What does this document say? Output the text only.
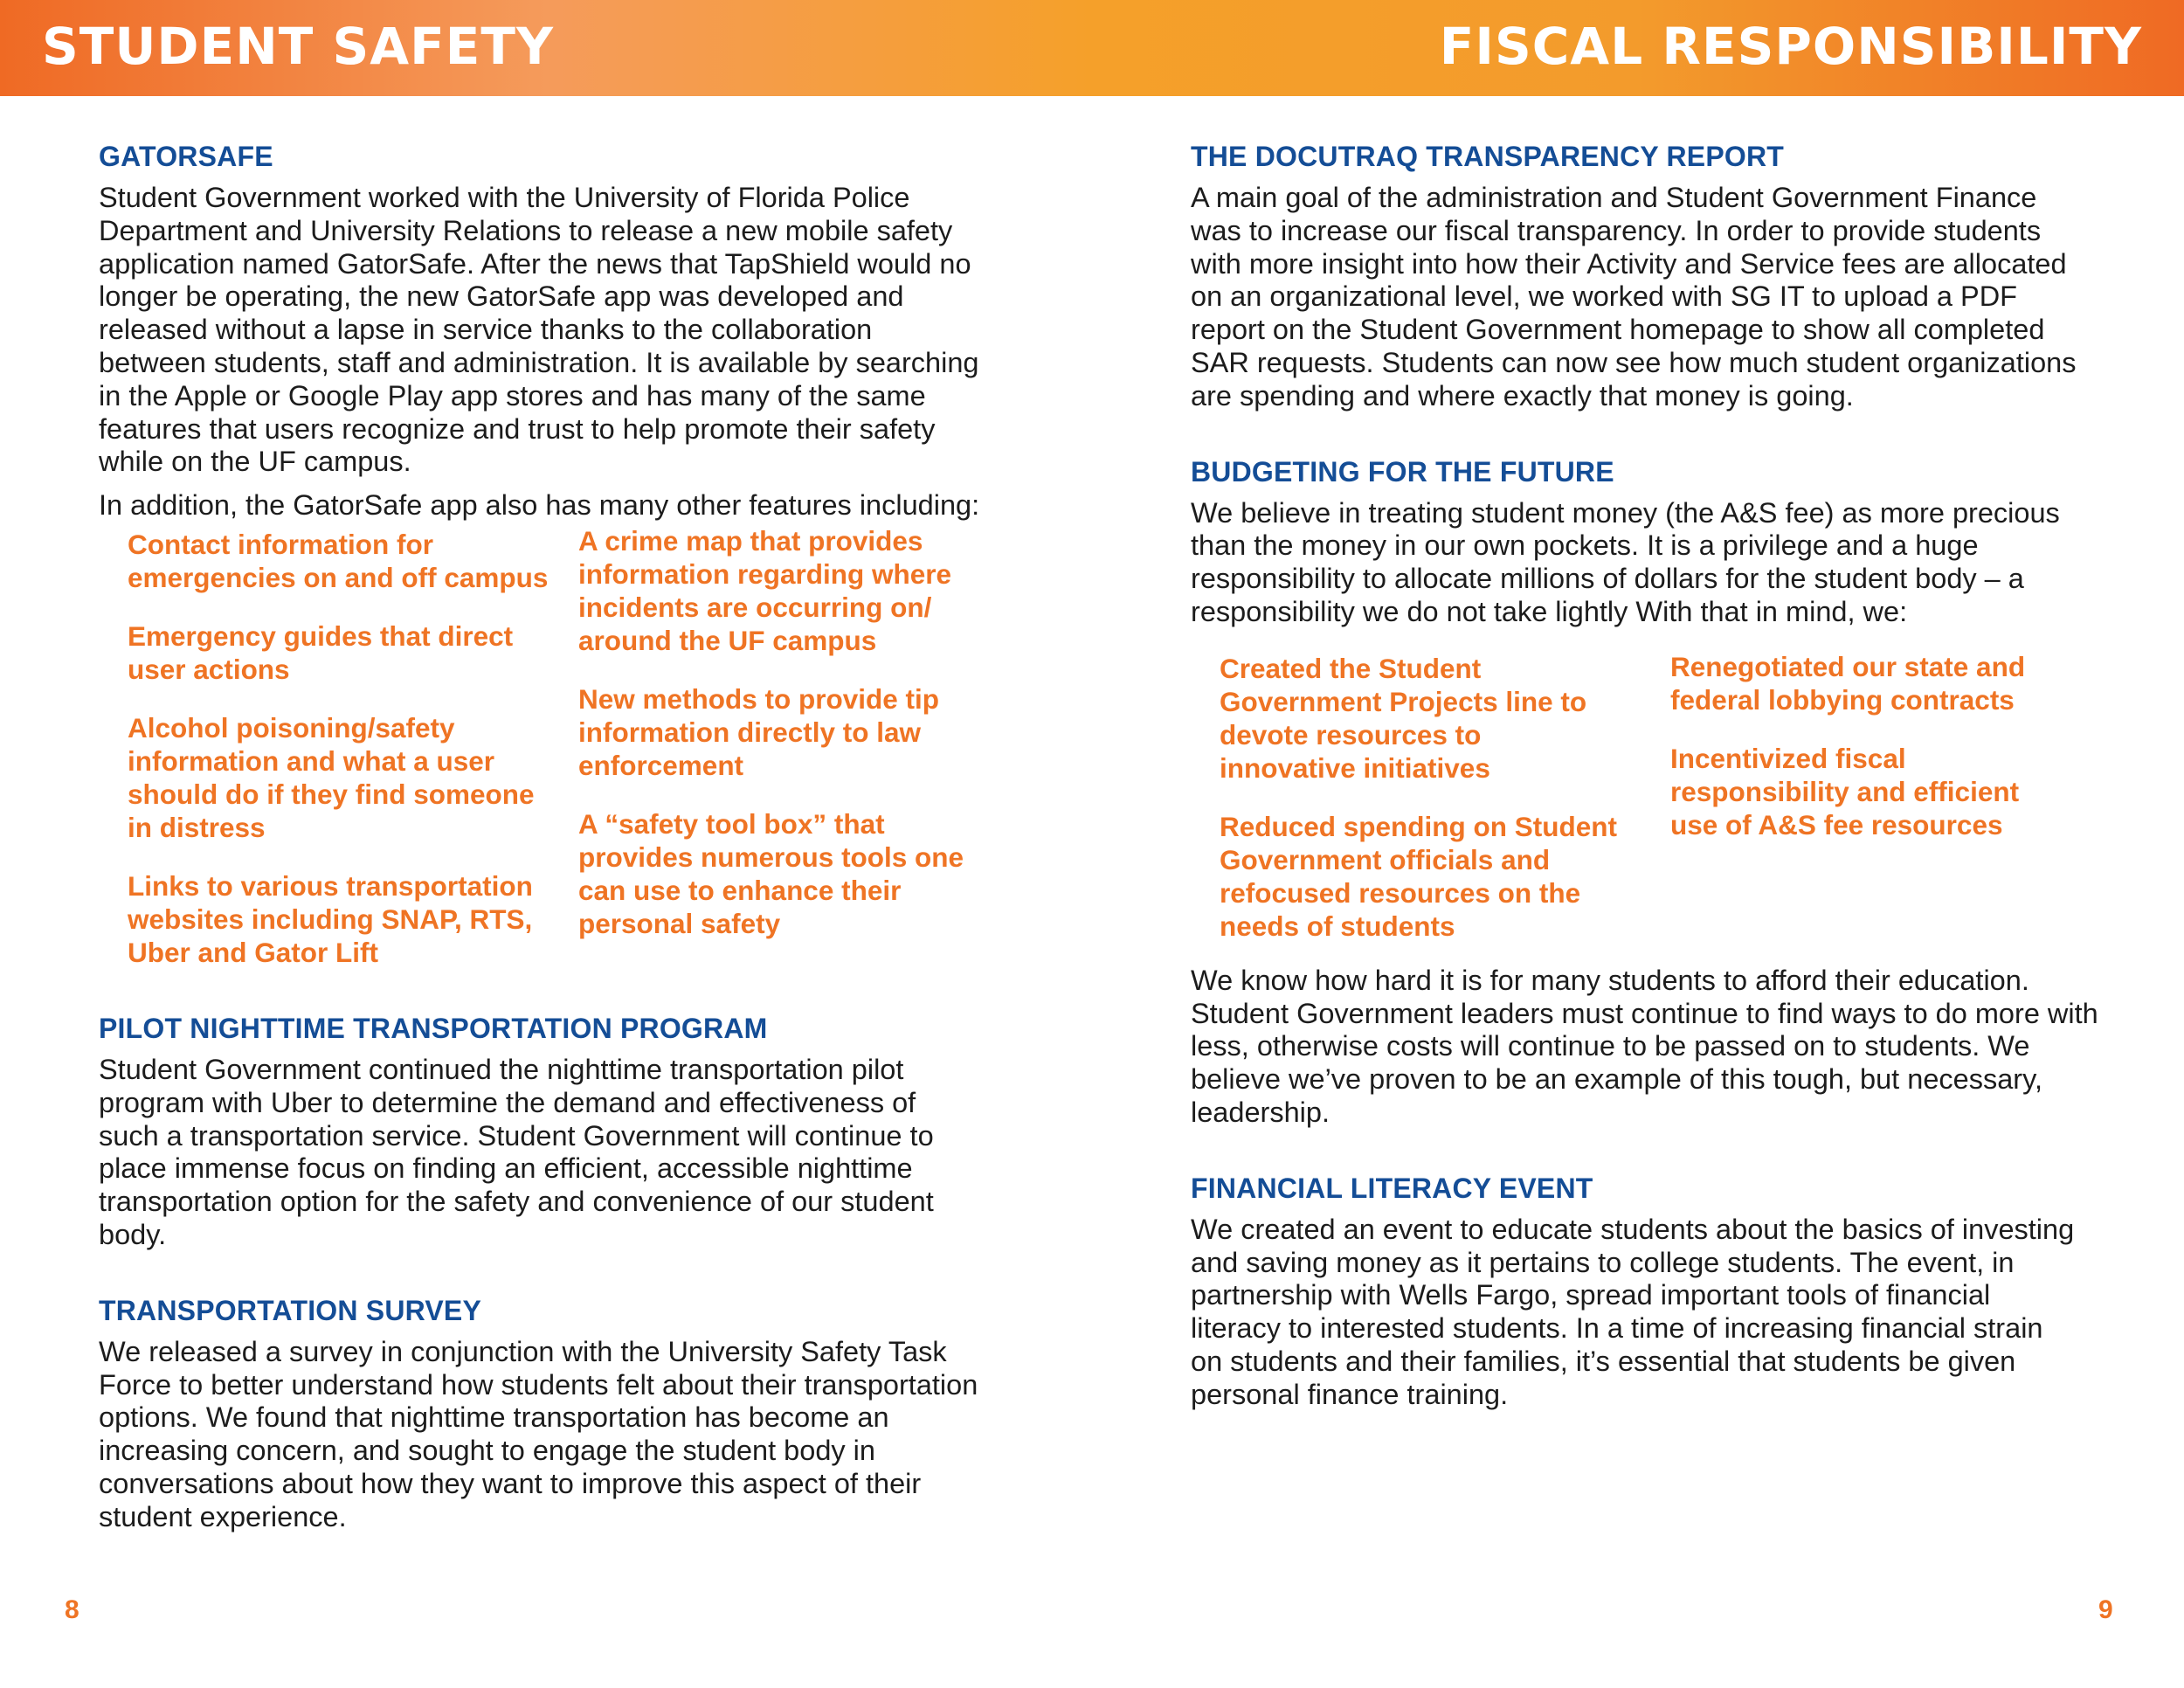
STUDENT SAFETY	FISCAL RESPONSIBILITY
GATORSAFE

Student Government worked with the University of Florida Police Department and University Relations to release a new mobile safety application named GatorSafe. After the news that TapShield would no longer be operating, the new GatorSafe app was developed and released without a lapse in service thanks to the collaboration between students, staff and administration. It is available by searching in the Apple or Google Play app stores and has many of the same features that users recognize and trust to help promote their safety while on the UF campus.

In addition, the GatorSafe app also has many other features including:

Contact information for emergencies on and off campus
Emergency guides that direct user actions
Alcohol poisoning/safety information and what a user should do if they find someone in distress
Links to various transportation websites including SNAP, RTS, Uber and Gator Lift
A crime map that provides information regarding where incidents are occurring on/ around the UF campus
New methods to provide tip information directly to law enforcement
A “safety tool box” that provides numerous tools one can use to enhance their personal safety
PILOT NIGHTTIME TRANSPORTATION PROGRAM

Student Government continued the nighttime transportation pilot program with Uber to determine the demand and effectiveness of such a transportation service. Student Government will continue to place immense focus on finding an efficient, accessible nighttime transportation option for the safety and convenience of our student body.

TRANSPORTATION SURVEY

We released a survey in conjunction with the University Safety Task Force to better understand how students felt about their transportation options. We found that nighttime transportation has become an increasing concern, and sought to engage the student body in conversations about how they want to improve this aspect of their student experience.

THE DOCUTRAQ TRANSPARENCY REPORT

A main goal of the administration and Student Government Finance was to increase our fiscal transparency. In order to provide students with more insight into how their Activity and Service fees are allocated on an organizational level, we worked with SG IT to upload a PDF report on the Student Government homepage to show all completed SAR requests. Students can now see how much student organizations are spending and where exactly that money is going.

BUDGETING FOR THE FUTURE

We believe in treating student money (the A&S fee) as more precious than the money in our own pockets. It is a privilege and a huge responsibility to allocate millions of dollars for the student body – a responsibility we do not take lightly With that in mind, we:

Created the Student Government Projects line to devote resources to innovative initiatives
Reduced spending on Student Government officials and refocused resources on the needs of students
Renegotiated our state and federal lobbying contracts
Incentivized fiscal responsibility and efficient use of A&S fee resources

We know how hard it is for many students to afford their education. Student Government leaders must continue to find ways to do more with less, otherwise costs will continue to be passed on to students. We believe we’ve proven to be an example of this tough, but necessary, leadership.

FINANCIAL LITERACY EVENT

We created an event to educate students about the basics of investing and saving money as it pertains to college students. The event, in partnership with Wells Fargo, spread important tools of financial literacy to interested students. In a time of increasing financial strain on students and their families, it’s essential that students be given personal finance training.

8	9
